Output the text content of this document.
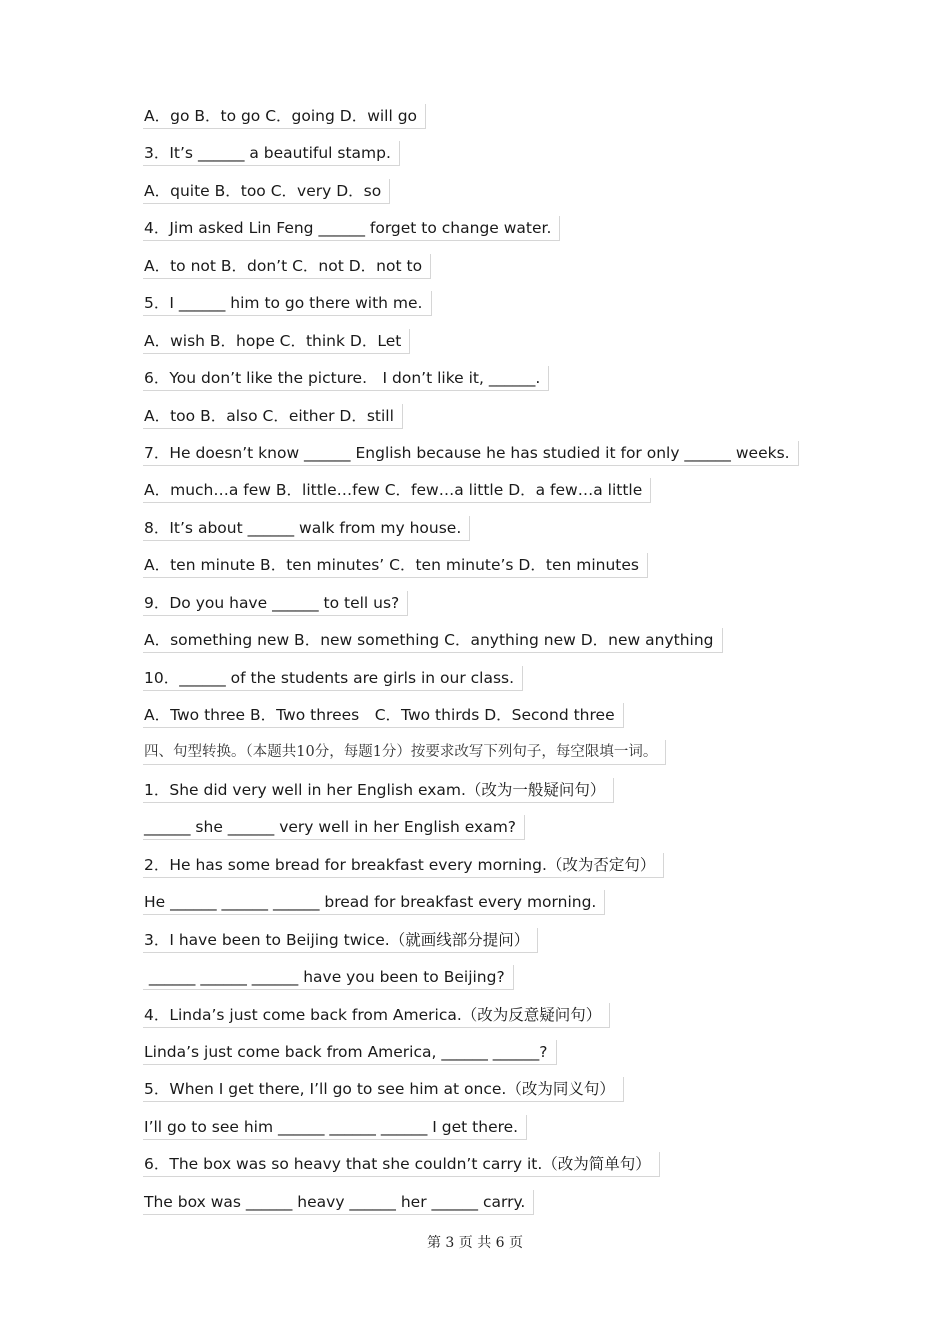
A．go B．to go C．going D．will go
3．It’s ______ a beautiful stamp.
A．quite B．too C．very D．so
4．Jim asked Lin Feng ______ forget to change water.
A．to not B．don’t C．not D．not to
5．I ______ him to go there with me.
A．wish B．hope C．think D．Let
6．You don’t like the picture.　I don’t like it, ______.
A．too B．also C．either D．still
7．He doesn’t know ______ English because he has studied it for only ______ weeks.
A．much…a few B．little…few C．few…a little D．a few…a little
8．It’s about ______ walk from my house.
A．ten minute B．ten minutes’ C．ten minute’s D．ten minutes
9．Do you have ______ to tell us?
A．something new B．new something C．anything new D．new anything
10．______ of the students are girls in our class.
A．Two three B．Two threes　C．Two thirds D．Second three
四、句型转换。（本题共10分，每题1分）按要求改写下列句子，每空限填一词。
1．She did very well in her English exam.（改为一般疑问句）
______ she ______ very well in her English exam?
2．He has some bread for breakfast every morning.（改为否定句）
He ______ ______ ______ bread for breakfast every morning.
3．I have been to Beijing twice.（就画线部分提问）
______ ______ ______ have you been to Beijing?
4．Linda’s just come back from America.（改为反意疑问句）
Linda’s just come back from America, ______ ______?
5．When I get there, I’ll go to see him at once.（改为同义句）
I’ll go to see him ______ ______ ______ I get there.
6．The box was so heavy that she couldn’t carry it.（改为简单句）
The box was ______ heavy ______ her ______ carry.
第 3 页 共 6 页
